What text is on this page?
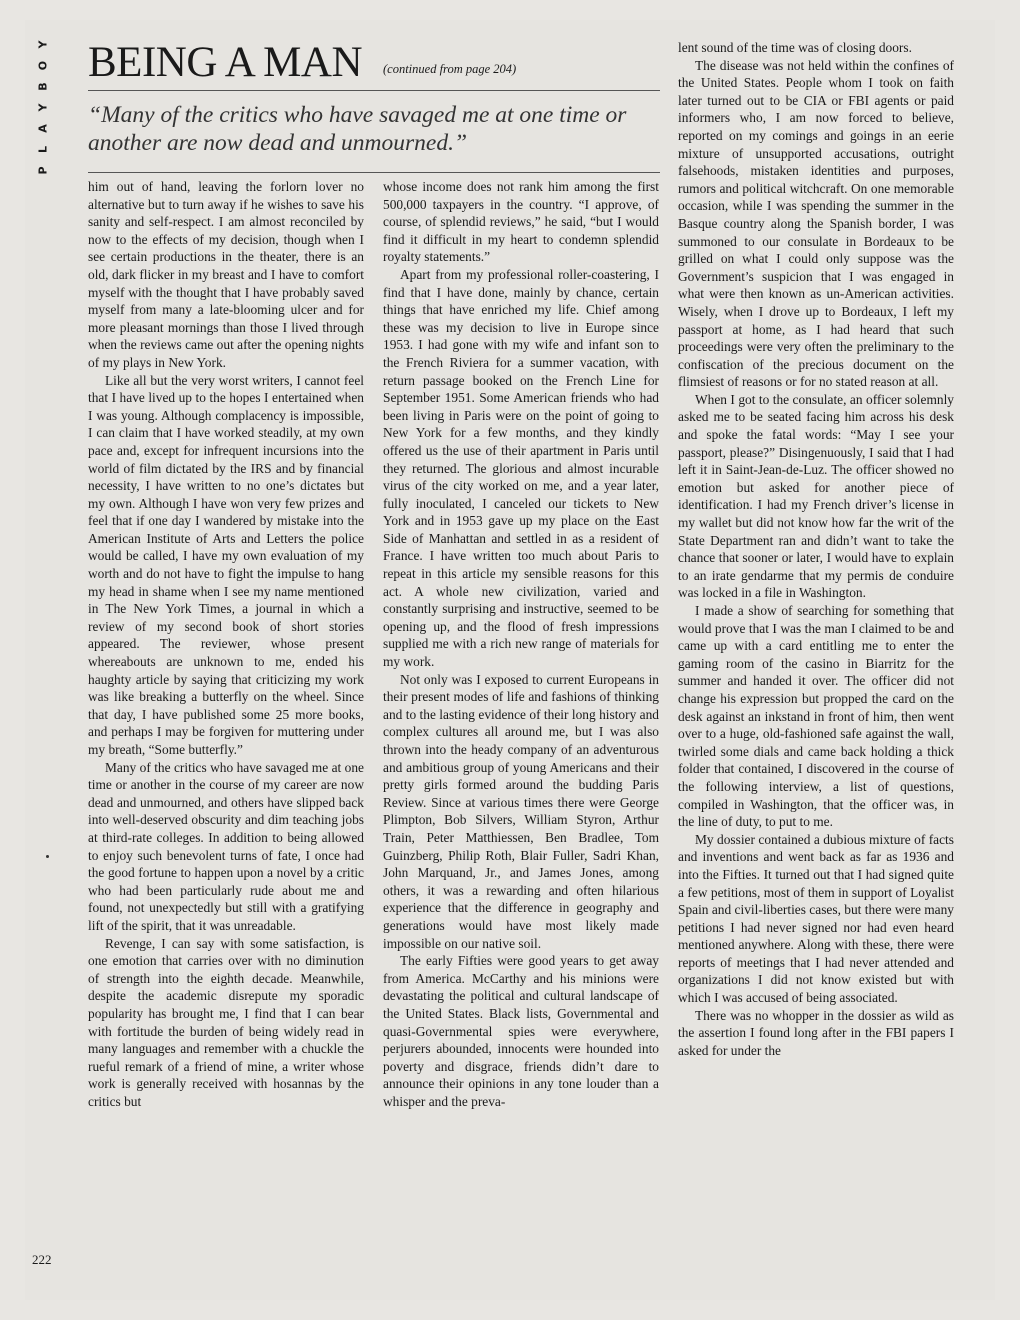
Y
O
B
Y
A
L
P
BEING A MAN (continued from page 204)

“Many of the critics who have savaged me at one time or another are now dead and unmourned.”

him out of hand, leaving the forlorn lover no alternative but to turn away if he wishes to save his sanity and self-respect. I am almost reconciled by now to the effects of my decision, though when I see certain productions in the theater, there is an old, dark flicker in my breast and I have to comfort myself with the thought that I have probably saved myself from many a late-blooming ulcer and for more pleasant mornings than those I lived through when the reviews came out after the opening nights of my plays in New York.

Like all but the very worst writers, I cannot feel that I have lived up to the hopes I entertained when I was young. Although complacency is impossible, I can claim that I have worked steadily, at my own pace and, except for infrequent incursions into the world of film dictated by the IRS and by financial necessity, I have written to no one’s dictates but my own. Although I have won very few prizes and feel that if one day I wandered by mistake into the American Institute of Arts and Letters the police would be called, I have my own evaluation of my worth and do not have to fight the impulse to hang my head in shame when I see my name mentioned in The New York Times, a journal in which a review of my second book of short stories appeared. The reviewer, whose present whereabouts are unknown to me, ended his haughty article by saying that criticizing my work was like breaking a butterfly on the wheel. Since that day, I have published some 25 more books, and perhaps I may be forgiven for muttering under my breath, “Some butterfly.”

Many of the critics who have savaged me at one time or another in the course of my career are now dead and unmourned, and others have slipped back into well-deserved obscurity and dim teaching jobs at third-rate colleges. In addition to being allowed to enjoy such benevolent turns of fate, I once had the good fortune to happen upon a novel by a critic who had been particularly rude about me and found, not unexpectedly but still with a gratifying lift of the spirit, that it was unreadable.

Revenge, I can say with some satisfaction, is one emotion that carries over with no diminution of strength into the eighth decade. Meanwhile, despite the academic disrepute my sporadic popularity has brought me, I find that I can bear with fortitude the burden of being widely read in many languages and remember with a chuckle the rueful remark of a friend of mine, a writer whose work is generally received with hosannas by the critics but

whose income does not rank him among the first 500,000 taxpayers in the country. “I approve, of course, of splendid reviews,” he said, “but I would find it difficult in my heart to condemn splendid royalty statements.”

Apart from my professional roller-coastering, I find that I have done, mainly by chance, certain things that have enriched my life. Chief among these was my decision to live in Europe since 1953. I had gone with my wife and infant son to the French Riviera for a summer vacation, with return passage booked on the French Line for September 1951. Some American friends who had been living in Paris were on the point of going to New York for a few months, and they kindly offered us the use of their apartment in Paris until they returned. The glorious and almost incurable virus of the city worked on me, and a year later, fully inoculated, I canceled our tickets to New York and in 1953 gave up my place on the East Side of Manhattan and settled in as a resident of France. I have written too much about Paris to repeat in this article my sensible reasons for this act. A whole new civilization, varied and constantly surprising and instructive, seemed to be opening up, and the flood of fresh impressions supplied me with a rich new range of materials for my work.

Not only was I exposed to current Europeans in their present modes of life and fashions of thinking and to the lasting evidence of their long history and complex cultures all around me, but I was also thrown into the heady company of an adventurous and ambitious group of young Americans and their pretty girls formed around the budding Paris Review. Since at various times there were George Plimpton, Bob Silvers, William Styron, Arthur Train, Peter Matthiessen, Ben Bradlee, Tom Guinzberg, Philip Roth, Blair Fuller, Sadri Khan, John Marquand, Jr., and James Jones, among others, it was a rewarding and often hilarious experience that the difference in geography and generations would have most likely made impossible on our native soil.

The early Fifties were good years to get away from America. McCarthy and his minions were devastating the political and cultural landscape of the United States. Black lists, Governmental and quasi-Governmental spies were everywhere, perjurers abounded, innocents were hounded into poverty and disgrace, friends didn’t dare to announce their opinions in any tone louder than a whisper and the preva-

lent sound of the time was of closing doors.

The disease was not held within the confines of the United States. People whom I took on faith later turned out to be CIA or FBI agents or paid informers who, I am now forced to believe, reported on my comings and goings in an eerie mixture of unsupported accusations, outright falsehoods, mistaken identities and purposes, rumors and political witchcraft. On one memorable occasion, while I was spending the summer in the Basque country along the Spanish border, I was summoned to our consulate in Bordeaux to be grilled on what I could only suppose was the Government’s suspicion that I was engaged in what were then known as un-American activities. Wisely, when I drove up to Bordeaux, I left my passport at home, as I had heard that such proceedings were very often the preliminary to the confiscation of the precious document on the flimsiest of reasons or for no stated reason at all.

When I got to the consulate, an officer solemnly asked me to be seated facing him across his desk and spoke the fatal words: “May I see your passport, please?” Disingenuously, I said that I had left it in Saint-Jean-de-Luz. The officer showed no emotion but asked for another piece of identification. I had my French driver’s license in my wallet but did not know how far the writ of the State Department ran and didn’t want to take the chance that sooner or later, I would have to explain to an irate gendarme that my permis de conduire was locked in a file in Washington.

I made a show of searching for something that would prove that I was the man I claimed to be and came up with a card entitling me to enter the gaming room of the casino in Biarritz for the summer and handed it over. The officer did not change his expression but propped the card on the desk against an inkstand in front of him, then went over to a huge, old-fashioned safe against the wall, twirled some dials and came back holding a thick folder that contained, I discovered in the course of the following interview, a list of questions, compiled in Washington, that the officer was, in the line of duty, to put to me.

My dossier contained a dubious mixture of facts and inventions and went back as far as 1936 and into the Fifties. It turned out that I had signed quite a few petitions, most of them in support of Loyalist Spain and civil-liberties cases, but there were many petitions I had never signed nor had even heard mentioned anywhere. Along with these, there were reports of meetings that I had never attended and organizations I did not know existed but with which I was accused of being associated.

There was no whopper in the dossier as wild as the assertion I found long after in the FBI papers I asked for under the

222
